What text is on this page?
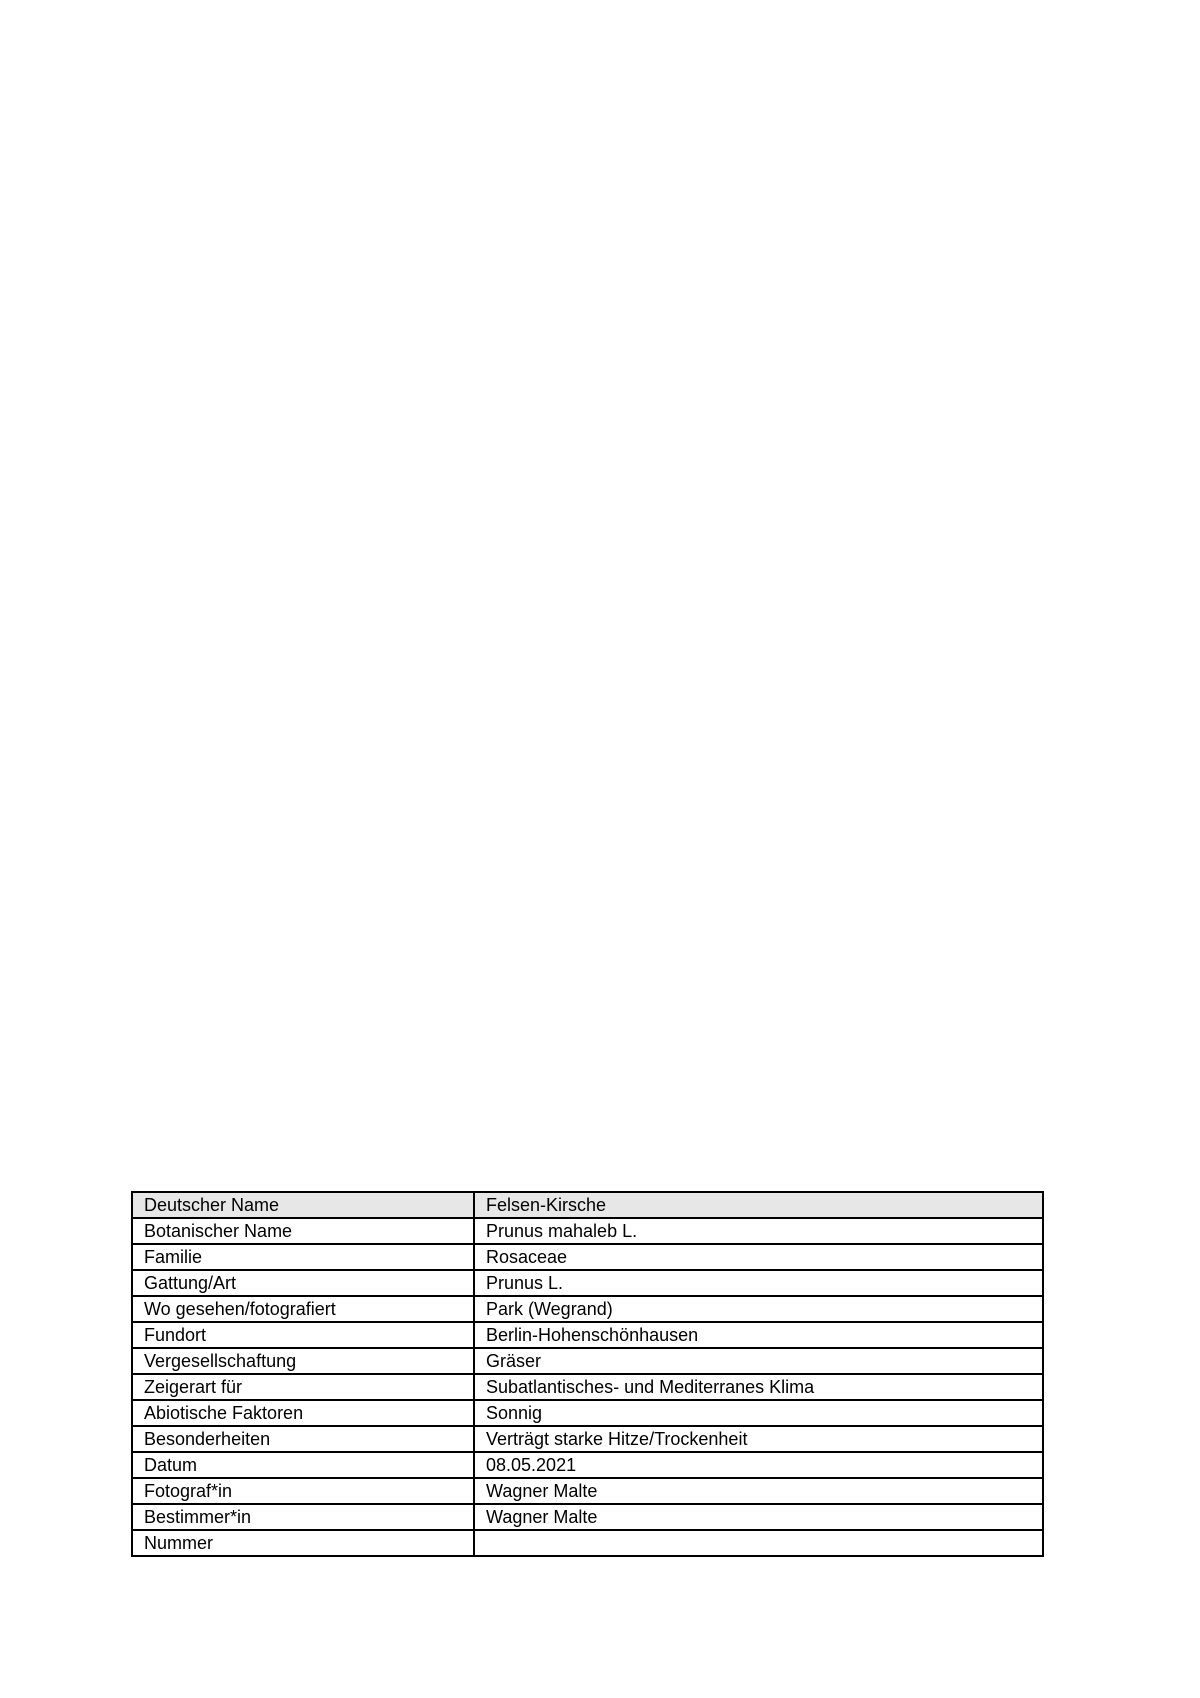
Deutscher Name	Felsen-Kirsche
Botanischer Name	Prunus mahaleb L.
Familie	Rosaceae
Gattung/Art	Prunus L.
Wo gesehen/fotografiert	Park (Wegrand)
Fundort	Berlin-Hohenschönhausen
Vergesellschaftung	Gräser
Zeigerart für	Subatlantisches- und Mediterranes Klima
Abiotische Faktoren	Sonnig
Besonderheiten	Verträgt starke Hitze/Trockenheit
Datum	08.05.2021
Fotograf*in	Wagner Malte
Bestimmer*in	Wagner Malte
Nummer	
